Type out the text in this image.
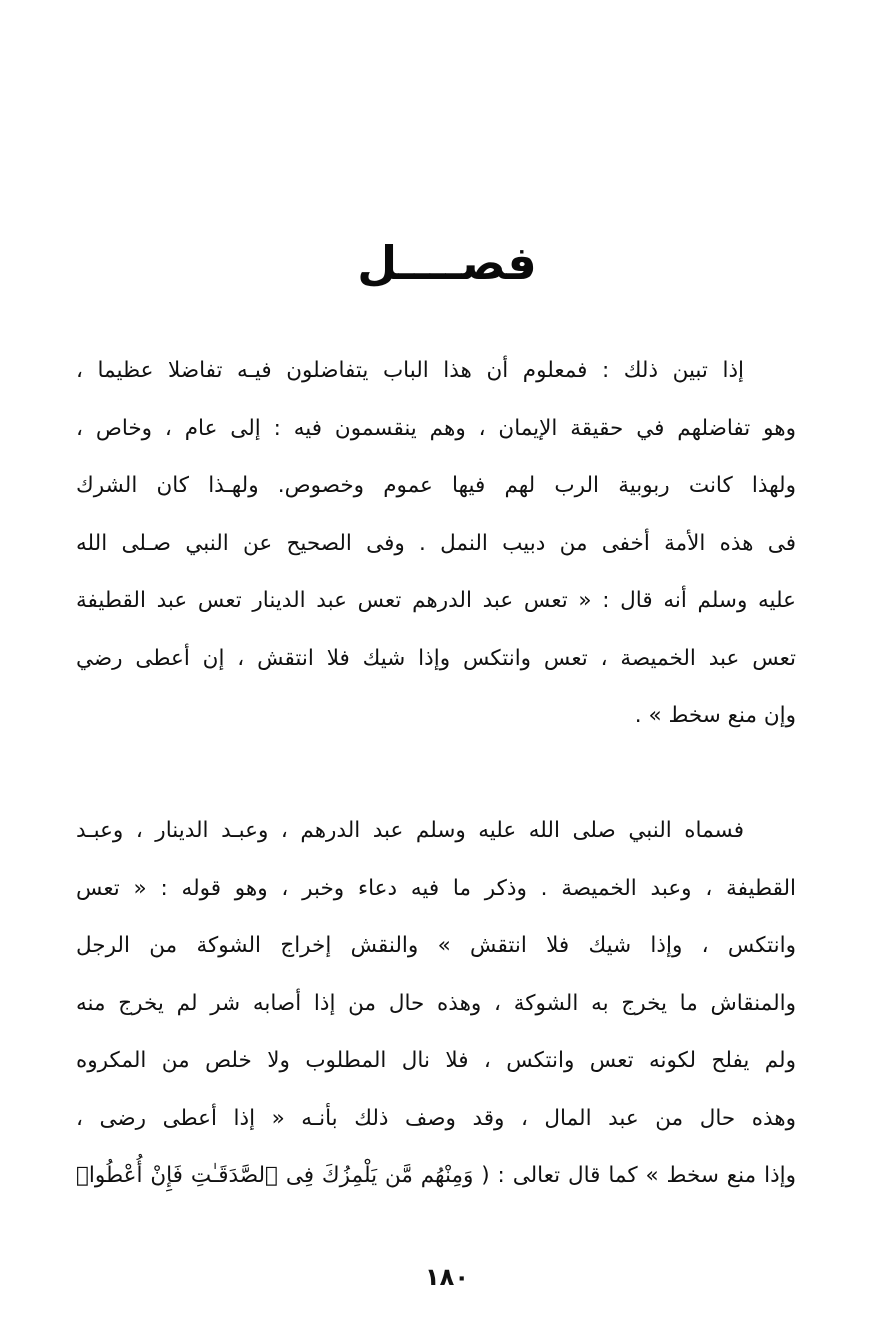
فصــــل
إذا تبين ذلك : فمعلوم أن هذا الباب يتفاضلون فيـه تفاضلا عظيما ،
وهو تفاضلهم في حقيقة الإيمان ، وهم ينقسمون فيه : إلى عام ، وخاص ،
ولهذا كانت ربوبية الرب لهم فيها عموم وخصوص. ولهـذا كان الشرك
فى هذه الأمة أخفى من دبيب النمل . وفى الصحيح عن النبي صـلى الله
عليه وسلم أنه قال : « تعس عبد الدرهم تعس عبد الدينار تعس عبد القطيفة
تعس عبد الخميصة ، تعس وانتكس وإذا شيك فلا انتقش ، إن أعطى رضي
وإن منع سخط » .
فسماه النبي صلى الله عليه وسلم عبد الدرهم ، وعبـد الدينار ، وعبـد
القطيفة ، وعبد الخميصة . وذكر ما فيه دعاء وخبر ، وهو قوله : « تعس
وانتكس ، وإذا شيك فلا انتقش » والنقش إخراج الشوكة من الرجل
والمنقاش ما يخرج به الشوكة ، وهذه حال من إذا أصابه شر لم يخرج منه
ولم يفلح لكونه تعس وانتكس ، فلا نال المطلوب ولا خلص من المكروه
وهذه حال من عبد المال ، وقد وصف ذلك بأنـه « إذا أعطى رضى ،
وإذا منع سخط » كما قال تعالى : ( وَمِنْهُم مَّن يَلْمِزُكَ فِى ٱلصَّدَقَـٰتِ فَإِنْ أُعْطُوا۟
١٨٠
